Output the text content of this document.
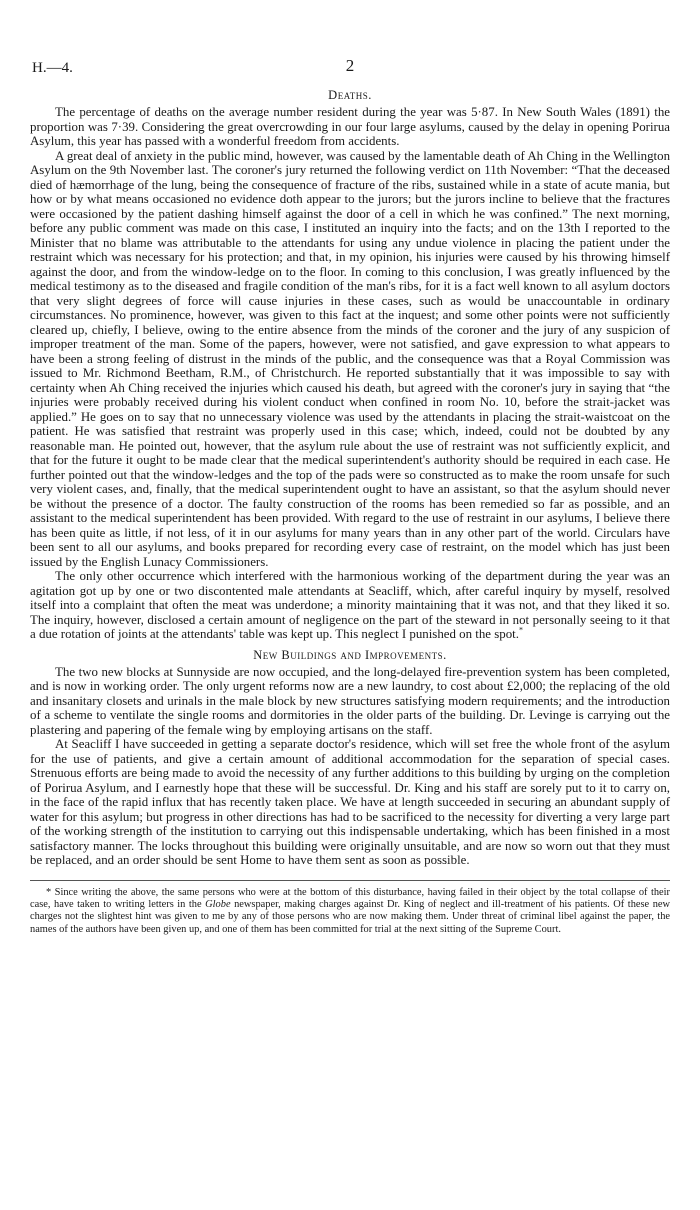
H.—4.	2
Deaths.

The percentage of deaths on the average number resident during the year was 5·87. In New South Wales (1891) the proportion was 7·39. Considering the great overcrowding in our four large asylums, caused by the delay in opening Porirua Asylum, this year has passed with a wonderful freedom from accidents.

A great deal of anxiety in the public mind, however, was caused by the lamentable death of Ah Ching in the Wellington Asylum on the 9th November last. The coroner's jury returned the following verdict on 11th November: “That the deceased died of hæmorrhage of the lung, being the consequence of fracture of the ribs, sustained while in a state of acute mania, but how or by what means occasioned no evidence doth appear to the jurors; but the jurors incline to believe that the fractures were occasioned by the patient dashing himself against the door of a cell in which he was confined.” The next morning, before any public comment was made on this case, I instituted an inquiry into the facts; and on the 13th I reported to the Minister that no blame was attributable to the attendants for using any undue violence in placing the patient under the restraint which was necessary for his protection; and that, in my opinion, his injuries were caused by his throwing himself against the door, and from the window-ledge on to the floor. In coming to this conclusion, I was greatly influenced by the medical testimony as to the diseased and fragile condition of the man's ribs, for it is a fact well known to all asylum doctors that very slight degrees of force will cause injuries in these cases, such as would be unaccountable in ordinary circumstances. No prominence, however, was given to this fact at the inquest; and some other points were not sufficiently cleared up, chiefly, I believe, owing to the entire absence from the minds of the coroner and the jury of any suspicion of improper treatment of the man. Some of the papers, however, were not satisfied, and gave expression to what appears to have been a strong feeling of distrust in the minds of the public, and the consequence was that a Royal Commission was issued to Mr. Richmond Beetham, R.M., of Christchurch. He reported substantially that it was impossible to say with certainty when Ah Ching received the injuries which caused his death, but agreed with the coroner's jury in saying that “the injuries were probably received during his violent conduct when confined in room No. 10, before the strait-jacket was applied.” He goes on to say that no unnecessary violence was used by the attendants in placing the strait-waistcoat on the patient. He was satisfied that restraint was properly used in this case; which, indeed, could not be doubted by any reasonable man. He pointed out, however, that the asylum rule about the use of restraint was not sufficiently explicit, and that for the future it ought to be made clear that the medical superintendent's authority should be required in each case. He further pointed out that the window-ledges and the top of the pads were so constructed as to make the room unsafe for such very violent cases, and, finally, that the medical superintendent ought to have an assistant, so that the asylum should never be without the presence of a doctor. The faulty construction of the rooms has been remedied so far as possible, and an assistant to the medical superintendent has been provided. With regard to the use of restraint in our asylums, I believe there has been quite as little, if not less, of it in our asylums for many years than in any other part of the world. Circulars have been sent to all our asylums, and books prepared for recording every case of restraint, on the model which has just been issued by the English Lunacy Commissioners.

The only other occurrence which interfered with the harmonious working of the department during the year was an agitation got up by one or two discontented male attendants at Seacliff, which, after careful inquiry by myself, resolved itself into a complaint that often the meat was underdone; a minority maintaining that it was not, and that they liked it so. The inquiry, however, disclosed a certain amount of negligence on the part of the steward in not personally seeing to it that a due rotation of joints at the attendants' table was kept up. This neglect I punished on the spot.*

New Buildings and Improvements.

The two new blocks at Sunnyside are now occupied, and the long-delayed fire-prevention system has been completed, and is now in working order. The only urgent reforms now are a new laundry, to cost about £2,000; the replacing of the old and insanitary closets and urinals in the male block by new structures satisfying modern requirements; and the introduction of a scheme to ventilate the single rooms and dormitories in the older parts of the building. Dr. Levinge is carrying out the plastering and papering of the female wing by employing artisans on the staff.

At Seacliff I have succeeded in getting a separate doctor's residence, which will set free the whole front of the asylum for the use of patients, and give a certain amount of additional accommodation for the separation of special cases. Strenuous efforts are being made to avoid the necessity of any further additions to this building by urging on the completion of Porirua Asylum, and I earnestly hope that these will be successful. Dr. King and his staff are sorely put to it to carry on, in the face of the rapid influx that has recently taken place. We have at length succeeded in securing an abundant supply of water for this asylum; but progress in other directions has had to be sacrificed to the necessity for diverting a very large part of the working strength of the institution to carrying out this indispensable undertaking, which has been finished in a most satisfactory manner. The locks throughout this building were originally unsuitable, and are now so worn out that they must be replaced, and an order should be sent Home to have them sent as soon as possible.

* Since writing the above, the same persons who were at the bottom of this disturbance, having failed in their object by the total collapse of their case, have taken to writing letters in the Globe newspaper, making charges against Dr. King of neglect and ill-treatment of his patients. Of these new charges not the slightest hint was given to me by any of those persons who are now making them. Under threat of criminal libel against the paper, the names of the authors have been given up, and one of them has been committed for trial at the next sitting of the Supreme Court.
